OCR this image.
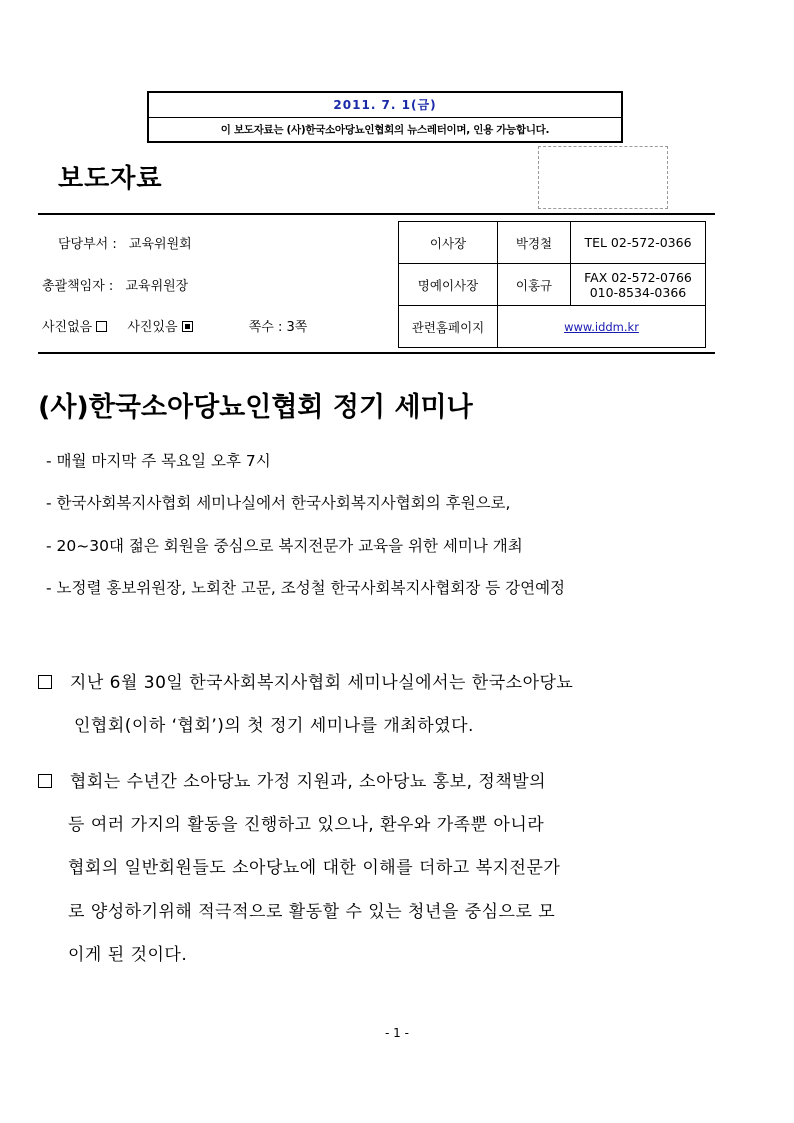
2011. 7. 1(금)
이 보도자료는 (사)한국소아당뇨인협회의 뉴스레터이며, 인용 가능합니다.
보도자료
담당부서 : 교육위원회
총괄책임자 : 교육위원장
사진없음	사진있음	쪽수 : 3쪽
이사장	박경철	TEL 02-572-0366
명예이사장	이홍규	FAX 02-572-0766
010-8534-0366

관련홈페이지	www.iddm.kr	
(사)한국소아당뇨인협회 정기 세미나
- 매월 마지막 주 목요일 오후 7시
- 한국사회복지사협회 세미나실에서 한국사회복지사협회의 후원으로,
- 20~30대 젊은 회원을 중심으로 복지전문가 교육을 위한 세미나 개최
- 노정렬 홍보위원장, 노회찬 고문, 조성철 한국사회복지사협회장 등 강연예정
지난 6월 30일 한국사회복지사협회 세미나실에서는 한국소아당뇨
인협회(이하 ‘협회’)의 첫 정기 세미나를 개최하였다.
협회는 수년간 소아당뇨 가정 지원과, 소아당뇨 홍보, 정책발의
등 여러 가지의 활동을 진행하고 있으나, 환우와 가족뿐 아니라
협회의 일반회원들도 소아당뇨에 대한 이해를 더하고 복지전문가
로 양성하기위해 적극적으로 활동할 수 있는 청년을 중심으로 모
이게 된 것이다.
- 1 -
